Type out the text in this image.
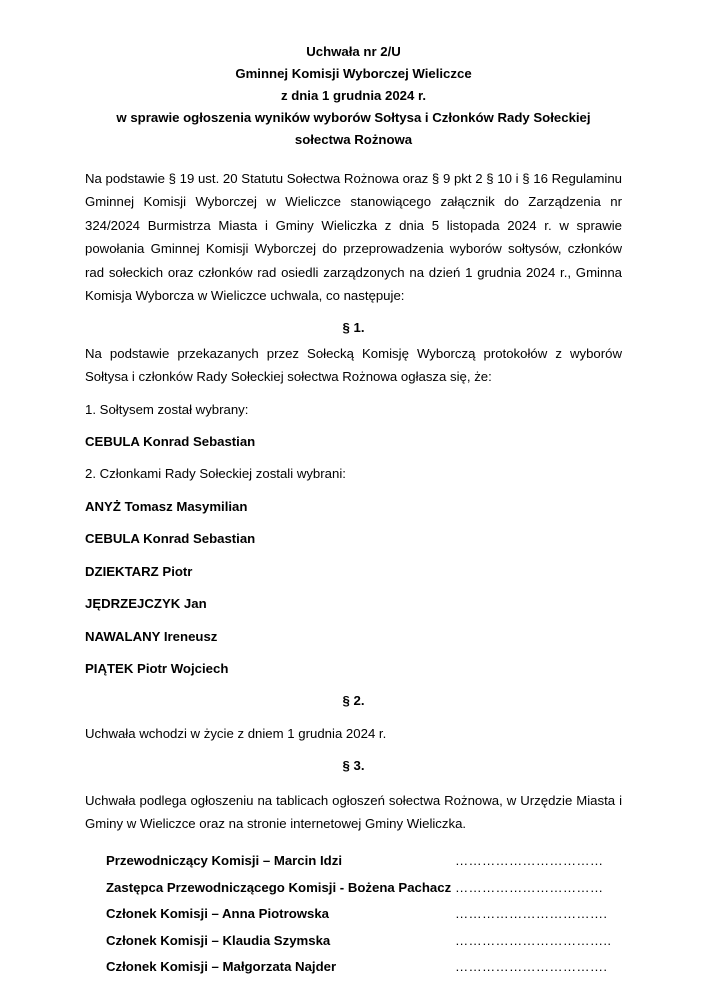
Uchwała nr 2/U
Gminnej Komisji Wyborczej Wieliczce
z dnia 1 grudnia 2024 r.
w sprawie ogłoszenia wyników wyborów Sołtysa i Członków Rady Sołeckiej
sołectwa Rożnowa
Na podstawie § 19 ust. 20 Statutu Sołectwa Rożnowa oraz § 9 pkt 2 § 10 i § 16 Regulaminu Gminnej Komisji Wyborczej w Wieliczce stanowiącego załącznik do Zarządzenia nr 324/2024 Burmistrza Miasta i Gminy Wieliczka z dnia 5 listopada 2024 r. w sprawie powołania Gminnej Komisji Wyborczej do przeprowadzenia wyborów sołtysów, członków rad sołeckich oraz członków rad osiedli zarządzonych na dzień 1 grudnia 2024 r., Gminna Komisja Wyborcza w Wieliczce uchwala, co następuje:
§ 1.
Na podstawie przekazanych przez Sołecką Komisję Wyborczą protokołów z wyborów Sołtysa i członków Rady Sołeckiej sołectwa Rożnowa ogłasza się, że:
1. Sołtysem został wybrany:
CEBULA Konrad Sebastian
2. Członkami Rady Sołeckiej zostali wybrani:
ANYŻ Tomasz Masymilian
CEBULA Konrad Sebastian
DZIEKTARZ Piotr
JĘDRZEJCZYK Jan
NAWALANY Ireneusz
PIĄTEK Piotr Wojciech
§ 2.
Uchwała wchodzi w życie z dniem 1 grudnia 2024 r.
§ 3.
Uchwała podlega ogłoszeniu na tablicach ogłoszeń sołectwa Rożnowa, w Urzędzie Miasta i Gminy w Wieliczce oraz na stronie internetowej Gminy Wieliczka.
Przewodniczący Komisji – Marcin Idzi	……………………………
Zastępca Przewodniczącego Komisji - Bożena Pachacz ……………………………
Członek Komisji – Anna Piotrowska	…………………………….
Członek Komisji – Klaudia Szymska	……………………………..
Członek Komisji – Małgorzata Najder	…………………………….
